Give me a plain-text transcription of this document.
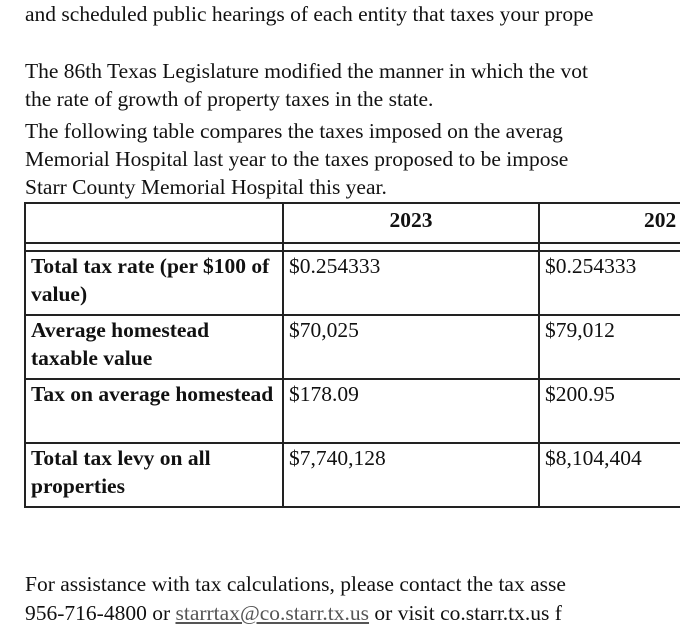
and scheduled public hearings of each entity that taxes your prope
The 86th Texas Legislature modified the manner in which the vot
the rate of growth of property taxes in the state.
The following table compares the taxes imposed on the averag
Memorial Hospital last year to the taxes proposed to be impose
Starr County Memorial Hospital this year.
	2023	202

Total tax rate (per $100 of value)	$0.254333	$0.254333
Average homestead taxable value	$70,025	$79,012
Tax on average homestead	$178.09	$200.95
Total tax levy on all properties	$7,740,128	$8,104,404
For assistance with tax calculations, please contact the tax asse
956-716-4800 or starrtax@co.starr.tx.us or visit co.starr.tx.us f
